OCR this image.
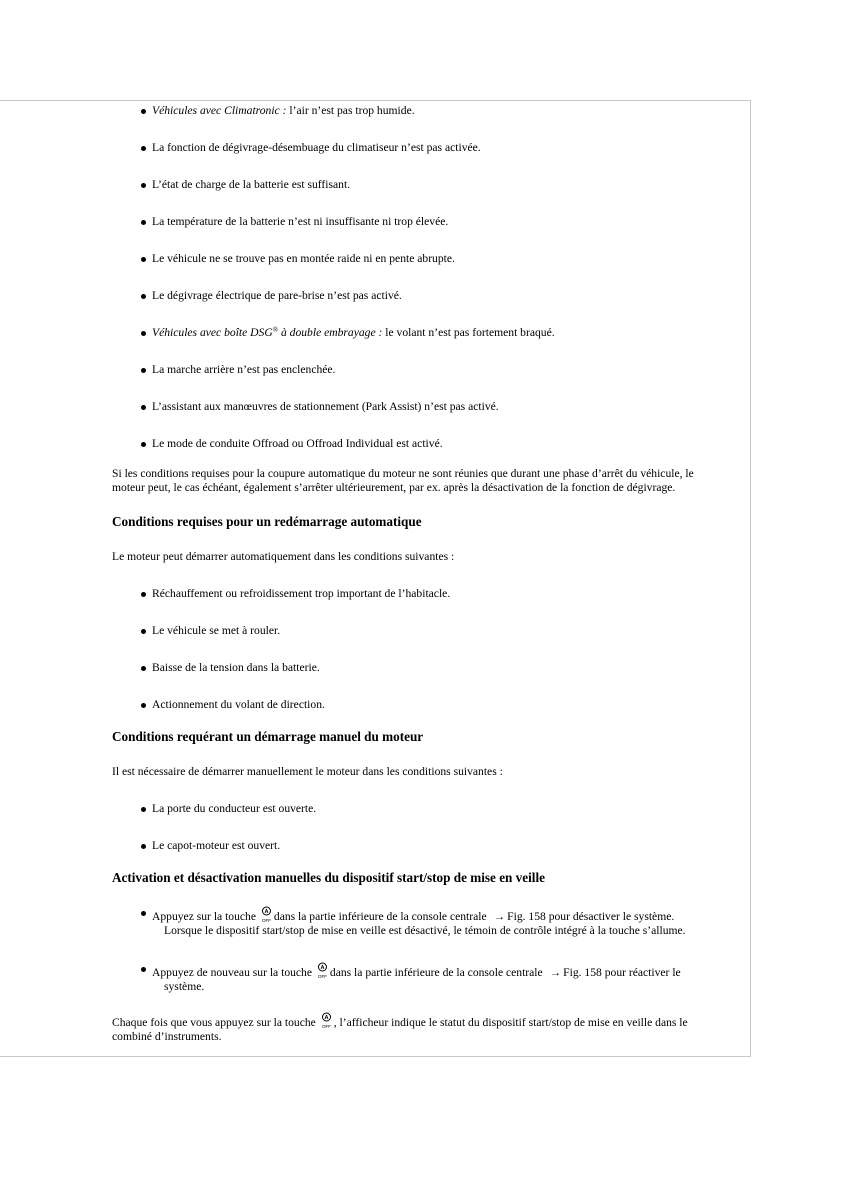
Véhicules avec Climatronic : l’air n’est pas trop humide.
La fonction de dégivrage-désembuage du climatiseur n’est pas activée.
L’état de charge de la batterie est suffisant.
La température de la batterie n’est ni insuffisante ni trop élevée.
Le véhicule ne se trouve pas en montée raide ni en pente abrupte.
Le dégivrage électrique de pare-brise n’est pas activé.
Véhicules avec boîte DSG® à double embrayage : le volant n’est pas fortement braqué.
La marche arrière n’est pas enclenchée.
L’assistant aux manœuvres de stationnement (Park Assist) n’est pas activé.
Le mode de conduite Offroad ou Offroad Individual est activé.

Si les conditions requises pour la coupure automatique du moteur ne sont réunies que durant une phase d’arrêt du véhicule, le moteur peut, le cas échéant, également s’arrêter ultérieurement, par ex. après la désactivation de la fonction de dégivrage.

Conditions requises pour un redémarrage automatique

Le moteur peut démarrer automatiquement dans les conditions suivantes :

Réchauffement ou refroidissement trop important de l’habitacle.
Le véhicule se met à rouler.
Baisse de la tension dans la batterie.
Actionnement du volant de direction.
Conditions requérant un démarrage manuel du moteur

Il est nécessaire de démarrer manuellement le moteur dans les conditions suivantes :

La porte du conducteur est ouverte.
Le capot-moteur est ouvert.
Activation et désactivation manuelles du dispositif start/stop de mise en veille
Appuyez sur la touche A
OFF dans la partie inférieure de la console centrale → Fig. 158 pour désactiver le système.
Lorsque le dispositif start/stop de mise en veille est désactivé, le témoin de contrôle intégré à la touche s’allume.
Appuyez de nouveau sur la touche A
OFF dans la partie inférieure de la console centrale → Fig. 158 pour réactiver le
système.

Chaque fois que vous appuyez sur la touche A
OFF , l’afficheur indique le statut du dispositif start/stop de mise en veille dans le combiné d’instruments.
